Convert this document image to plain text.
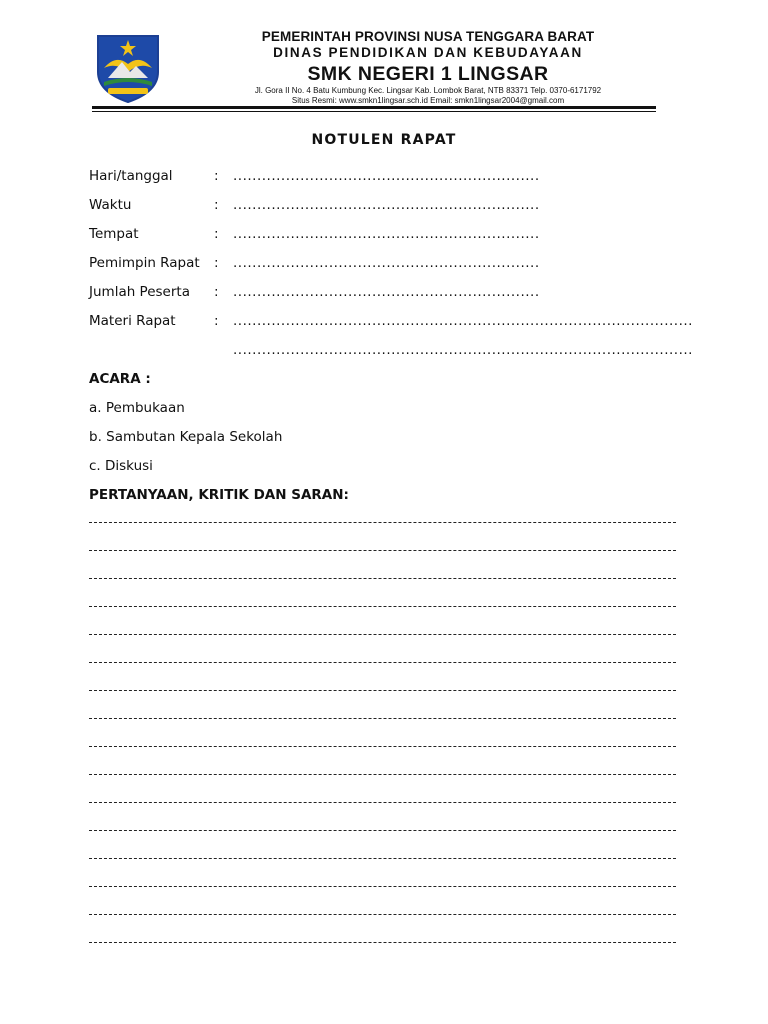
PEMERINTAH PROVINSI NUSA TENGGARA BARAT
DINAS PENDIDIKAN DAN KEBUDAYAAN
SMK NEGERI 1 LINGSAR
Jl. Gora II No. 4 Batu Kumbung Kec. Lingsar Kab. Lombok Barat, NTB 83371 Telp. 0370-6171792
Situs Resmi: www.smkn1lingsar.sch.id Email: smkn1lingsar2004@gmail.com
NOTULEN RAPAT
Hari/tanggal	: ................................................................
Waktu	: ................................................................
Tempat	: ................................................................
Pemimpin Rapat : ................................................................
Jumlah Peserta : ................................................................
Materi Rapat	: ................................................................................................
................................................................................................
ACARA :
a. Pembukaan
b. Sambutan Kepala Sekolah
c. Diskusi
PERTANYAAN, KRITIK DAN SARAN:
